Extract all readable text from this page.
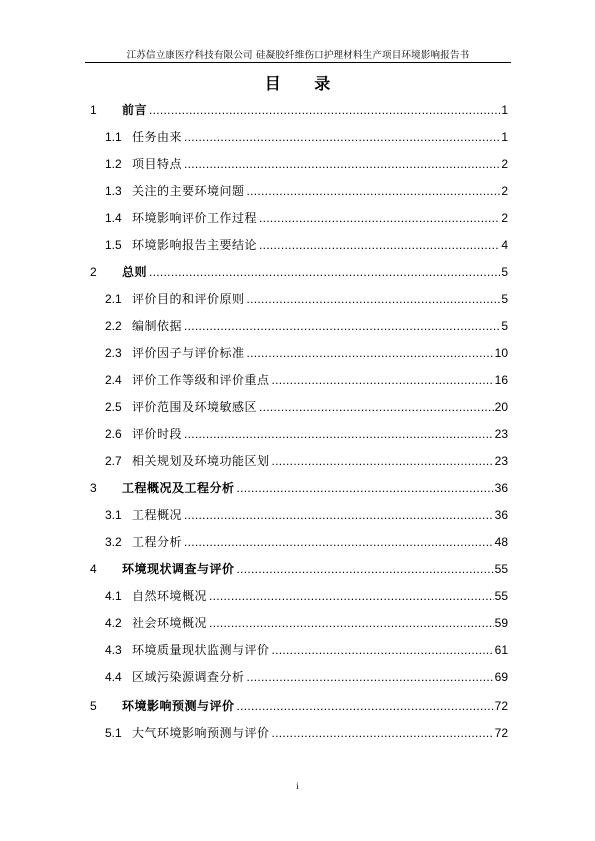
江苏信立康医疗科技有限公司 硅凝胶纤维伤口护理材料生产项目环境影响报告书
目 录
1	前言 .....	1
1.1 任务由来 .....	1
1.2 项目特点 .....	2
1.3 关注的主要环境问题 .....	2
1.4 环境影响评价工作过程 .....	2
1.5 环境影响报告主要结论 .....	4
2	总则 .....	5
2.1 评价目的和评价原则 .....	5
2.2 编制依据 .....	5
2.3 评价因子与评价标准 .....	10
2.4 评价工作等级和评价重点 .....	16
2.5 评价范围及环境敏感区 .....	20
2.6 评价时段 .....	23
2.7 相关规划及环境功能区划 .....	23
3	工程概况及工程分析 .....	36
3.1 工程概况 .....	36
3.2 工程分析 .....	48
4	环境现状调查与评价 .....	55
4.1 自然环境概况 .....	55
4.2 社会环境概况 .....	59
4.3 环境质量现状监测与评价 .....	61
4.4 区域污染源调查分析 .....	69
5	环境影响预测与评价 .....	72
5.1 大气环境影响预测与评价 .....	72
i
